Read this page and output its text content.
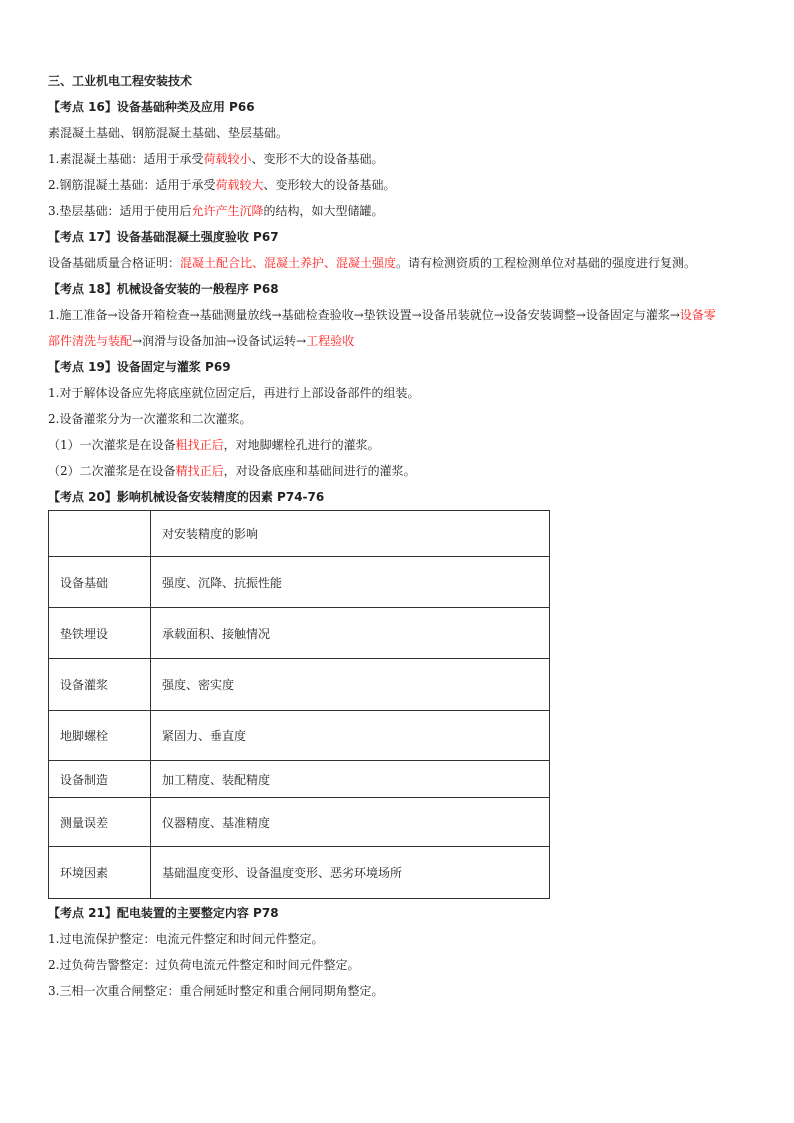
三、工业机电工程安装技术
【考点 16】设备基础种类及应用 P66
素混凝土基础、钢筋混凝土基础、垫层基础。
1.素混凝土基础：适用于承受荷载较小、变形不大的设备基础。
2.钢筋混凝土基础：适用于承受荷载较大、变形较大的设备基础。
3.垫层基础：适用于使用后允许产生沉降的结构，如大型储罐。
【考点 17】设备基础混凝土强度验收 P67
设备基础质量合格证明：混凝土配合比、混凝土养护、混凝土强度。请有检测资质的工程检测单位对基础的强度进行复测。
【考点 18】机械设备安装的一般程序 P68
1.施工准备→设备开箱检查→基础测量放线→基础检查验收→垫铁设置→设备吊装就位→设备安装调整→设备固定与灌浆→设备零
部件清洗与装配→润滑与设备加油→设备试运转→工程验收
【考点 19】设备固定与灌浆 P69
1.对于解体设备应先将底座就位固定后，再进行上部设备部件的组装。
2.设备灌浆分为一次灌浆和二次灌浆。
（1）一次灌浆是在设备粗找正后，对地脚螺栓孔进行的灌浆。
（2）二次灌浆是在设备精找正后，对设备底座和基础间进行的灌浆。
【考点 20】影响机械设备安装精度的因素 P74-76
【考点 21】配电装置的主要整定内容 P78
1.过电流保护整定：电流元件整定和时间元件整定。
2.过负荷告警整定：过负荷电流元件整定和时间元件整定。
3.三相一次重合闸整定：重合闸延时整定和重合闸同期角整定。
	对安装精度的影响
设备基础	强度、沉降、抗振性能
垫铁埋设	承载面积、接触情况
设备灌浆	强度、密实度
地脚螺栓	紧固力、垂直度
设备制造	加工精度、装配精度
测量误差	仪器精度、基准精度
环境因素	基础温度变形、设备温度变形、恶劣环境场所
